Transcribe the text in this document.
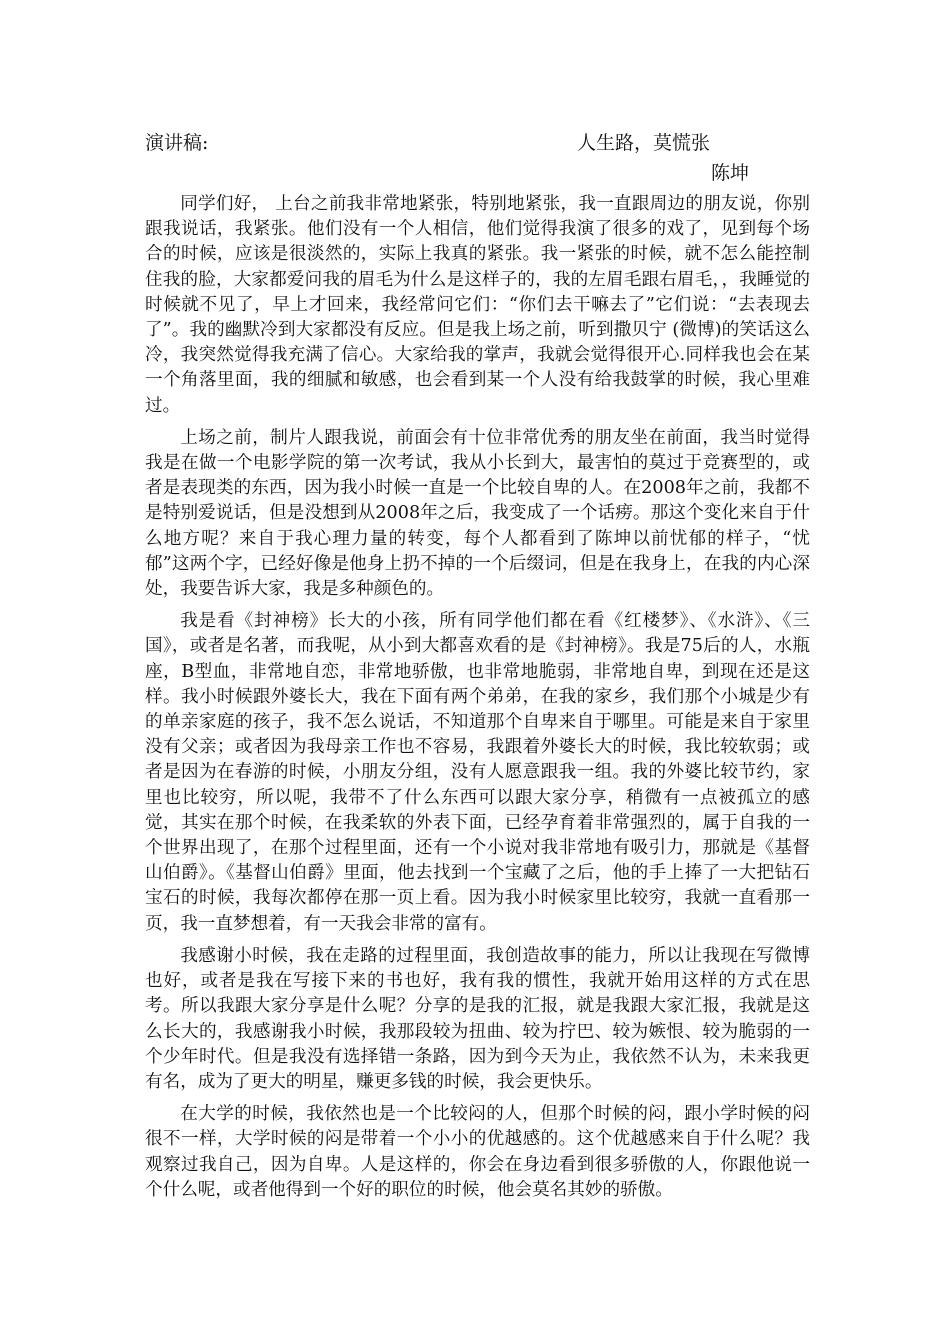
演讲稿:	人生路，莫慌张
陈坤

同学们好， 上台之前我非常地紧张，特别地紧张，我一直跟周边的朋友说，你别跟我说话，我紧张。他们没有一个人相信，他们觉得我演了很多的戏了，见到每个场合的时候，应该是很淡然的，实际上我真的紧张。我一紧张的时候，就不怎么能控制住我的脸，大家都爱问我的眉毛为什么是这样子的，我的左眉毛跟右眉毛，，我睡觉的时候就不见了，早上才回来，我经常问它们：“你们去干嘛去了”它们说：“去表现去了”。我的幽默冷到大家都没有反应。但是我上场之前，听到撒贝宁 (微博)的笑话这么冷，我突然觉得我充满了信心。大家给我的掌声，我就会觉得很开心.同样我也会在某一个角落里面，我的细腻和敏感，也会看到某一个人没有给我鼓掌的时候，我心里难过。

上场之前，制片人跟我说，前面会有十位非常优秀的朋友坐在前面，我当时觉得我是在做一个电影学院的第一次考试，我从小长到大，最害怕的莫过于竞赛型的，或者是表现类的东西，因为我小时候一直是一个比较自卑的人。在2008年之前，我都不是特别爱说话，但是没想到从2008年之后，我变成了一个话痨。那这个变化来自于什么地方呢？来自于我心理力量的转变，每个人都看到了陈坤以前忧郁的样子，“忧郁”这两个字，已经好像是他身上扔不掉的一个后缀词，但是在我身上，在我的内心深处，我要告诉大家，我是多种颜色的。

我是看《封神榜》长大的小孩，所有同学他们都在看《红楼梦》、《水浒》、《三国》，或者是名著，而我呢，从小到大都喜欢看的是《封神榜》。我是75后的人，水瓶座，B型血，非常地自恋，非常地骄傲，也非常地脆弱，非常地自卑，到现在还是这样。我小时候跟外婆长大，我在下面有两个弟弟，在我的家乡，我们那个小城是少有的单亲家庭的孩子，我不怎么说话，不知道那个自卑来自于哪里。可能是来自于家里没有父亲；或者因为我母亲工作也不容易，我跟着外婆长大的时候，我比较软弱；或者是因为在春游的时候，小朋友分组，没有人愿意跟我一组。我的外婆比较节约，家里也比较穷，所以呢，我带不了什么东西可以跟大家分享，稍微有一点被孤立的感觉，其实在那个时候，在我柔软的外表下面，已经孕育着非常强烈的，属于自我的一个世界出现了，在那个过程里面，还有一个小说对我非常地有吸引力，那就是《基督山伯爵》。《基督山伯爵》里面，他去找到一个宝藏了之后，他的手上捧了一大把钻石宝石的时候，我每次都停在那一页上看。因为我小时候家里比较穷，我就一直看那一页，我一直梦想着，有一天我会非常的富有。

我感谢小时候，我在走路的过程里面，我创造故事的能力，所以让我现在写微博也好，或者是我在写接下来的书也好，我有我的惯性，我就开始用这样的方式在思考。所以我跟大家分享是什么呢？分享的是我的汇报，就是我跟大家汇报，我就是这么长大的，我感谢我小时候，我那段较为扭曲、较为拧巴、较为嫉恨、较为脆弱的一个少年时代。但是我没有选择错一条路，因为到今天为止，我依然不认为，未来我更有名，成为了更大的明星，赚更多钱的时候，我会更快乐。

在大学的时候，我依然也是一个比较闷的人，但那个时候的闷，跟小学时候的闷很不一样，大学时候的闷是带着一个小小的优越感的。这个优越感来自于什么呢？我观察过我自己，因为自卑。人是这样的，你会在身边看到很多骄傲的人，你跟他说一个什么呢，或者他得到一个好的职位的时候，他会莫名其妙的骄傲。
